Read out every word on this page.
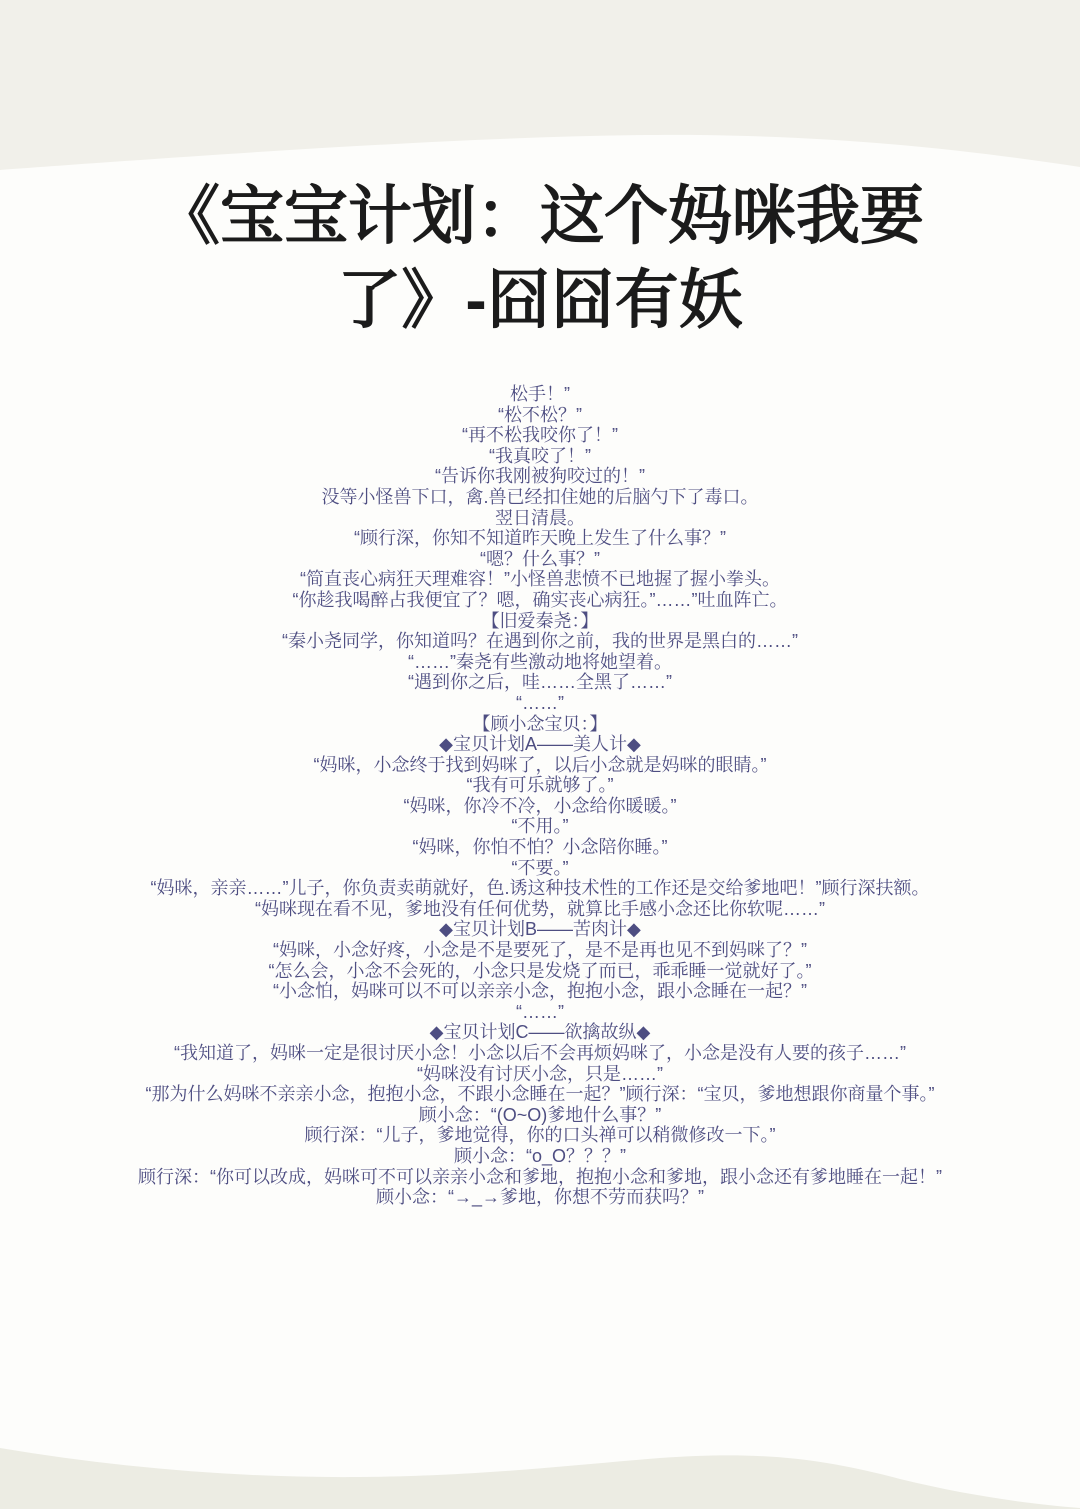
《宝宝计划：这个妈咪我要了》-囧囧有妖
松手！”
“松不松？”
“再不松我咬你了！”
“我真咬了！”
“告诉你我刚被狗咬过的！”
没等小怪兽下口，禽.兽已经扣住她的后脑勺下了毒口。
翌日清晨。
“顾行深，你知不知道昨天晚上发生了什么事？”
“嗯？什么事？”
“简直丧心病狂天理难容！”小怪兽悲愤不已地握了握小拳头。
“你趁我喝醉占我便宜了？嗯，确实丧心病狂。”……”吐血阵亡。
【旧爱秦尧：】
“秦小尧同学，你知道吗？在遇到你之前，我的世界是黑白的……”
“……”秦尧有些激动地将她望着。
“遇到你之后，哇……全黑了……”
“……”
【顾小念宝贝：】
◆宝贝计划A——美人计◆
“妈咪，小念终于找到妈咪了，以后小念就是妈咪的眼睛。”
“我有可乐就够了。”
“妈咪，你冷不冷，小念给你暖暖。”
“不用。”
“妈咪，你怕不怕？小念陪你睡。”
“不要。”
“妈咪，亲亲……”儿子，你负责卖萌就好，色.诱这种技术性的工作还是交给爹地吧！”顾行深扶额。
“妈咪现在看不见，爹地没有任何优势，就算比手感小念还比你软呢……”
◆宝贝计划B——苦肉计◆
“妈咪，小念好疼，小念是不是要死了，是不是再也见不到妈咪了？”
“怎么会，小念不会死的，小念只是发烧了而已，乖乖睡一觉就好了。”
“小念怕，妈咪可以不可以亲亲小念，抱抱小念，跟小念睡在一起？”
“……”
◆宝贝计划C——欲擒故纵◆
“我知道了，妈咪一定是很讨厌小念！小念以后不会再烦妈咪了，小念是没有人要的孩子……”
“妈咪没有讨厌小念，只是……”
“那为什么妈咪不亲亲小念，抱抱小念，不跟小念睡在一起？”顾行深：“宝贝，爹地想跟你商量个事。”
顾小念：“(O~O)爹地什么事？”
顾行深：“儿子，爹地觉得，你的口头禅可以稍微修改一下。”
顾小念：“o_O？？？”
顾行深：“你可以改成，妈咪可不可以亲亲小念和爹地，抱抱小念和爹地，跟小念还有爹地睡在一起！”
顾小念：“→_→爹地，你想不劳而获吗？”
